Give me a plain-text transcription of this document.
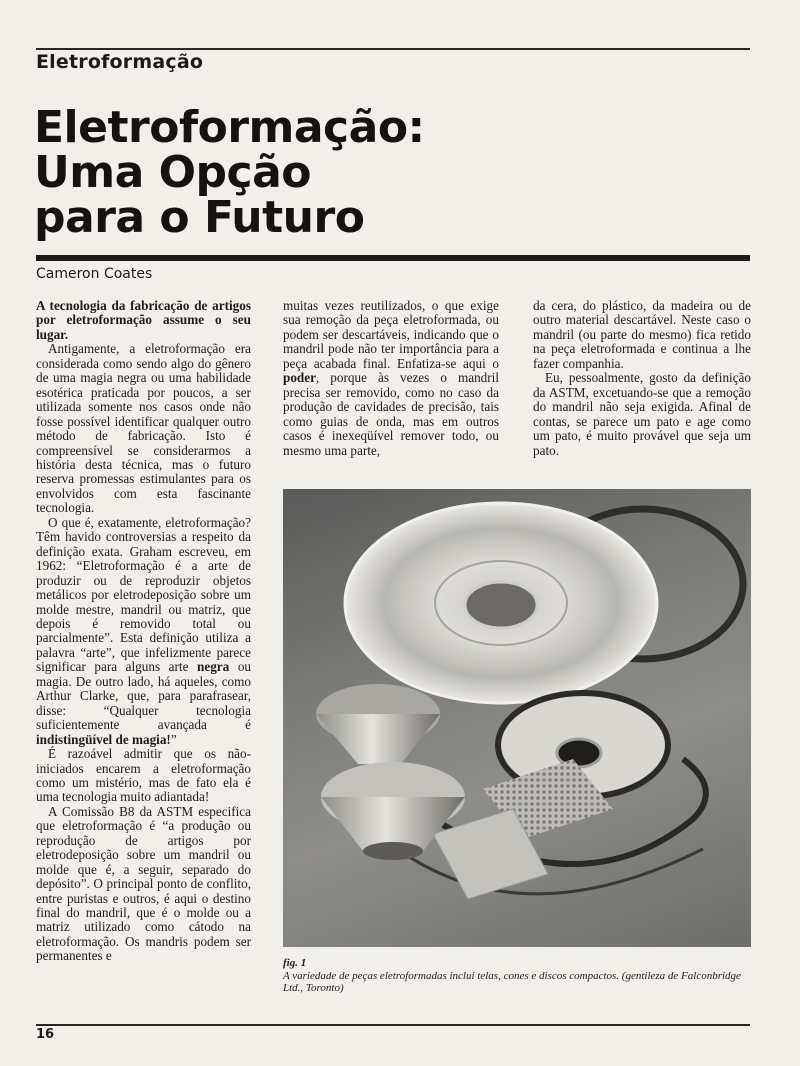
Eletroformação
Eletroformação:
Uma Opção
para o Futuro
Cameron Coates

A tecnologia da fabricação de artigos por eletroformação assume o seu lugar.

Antigamente, a eletroformação era considerada como sendo algo do gênero de uma magia negra ou uma habilidade esotérica praticada por poucos, a ser utilizada somente nos casos onde não fosse possível identificar qualquer outro método de fabricação. Isto é compreensível se considerarmos a história desta técnica, mas o futuro reserva promessas estimulantes para os envolvidos com esta fascinante tecnologia.

O que é, exatamente, eletroformação? Têm havido controversias a respeito da definição exata. Graham escreveu, em 1962: “Eletroformação é a arte de produzir ou de reproduzir objetos metálicos por eletrodeposição sobre um molde mestre, mandril ou matriz, que depois é removido total ou parcialmente”. Esta definição utiliza a palavra “arte”, que infelizmente parece significar para alguns arte negra ou magia. De outro lado, há aqueles, como Arthur Clarke, que, para parafrasear, disse: “Qualquer tecnologia suficientemente avançada é indistingüível de magia!”

É razoável admitir que os não-iniciados encarem a eletroformação como um mistério, mas de fato ela é uma tecnologia muito adiantada!

A Comissão B8 da ASTM especifica que eletroformação é “a produção ou reprodução de artigos por eletrodeposição sobre um mandril ou molde que é, a seguir, separado do depósito”. O principal ponto de conflito, entre puristas e outros, é aqui o destino final do mandril, que é o molde ou a matriz utilizado como cátodo na eletroformação. Os mandris podem ser permanentes e

muitas vezes reutilizados, o que exige sua remoção da peça eletroformada, ou podem ser descartáveis, indicando que o mandril pode não ter importância para a peça acabada final. Enfatiza-se aqui o poder, porque às vezes o mandril precisa ser removido, como no caso da produção de cavidades de precisão, tais como guias de onda, mas em outros casos é inexeqüível remover todo, ou mesmo uma parte,

da cera, do plástico, da madeira ou de outro material descartável. Neste caso o mandril (ou parte do mesmo) fica retido na peça eletroformada e continua a lhe fazer companhia.

Eu, pessoalmente, gosto da definição da ASTM, excetuando-se que a remoção do mandril não seja exigida. Afinal de contas, se parece um pato e age como um pato, é muito provável que seja um pato.

fig. 1
A variedade de peças eletroformadas inclui telas, cones e discos compactos. (gentileza de Falconbridge Ltd., Toronto)
16
